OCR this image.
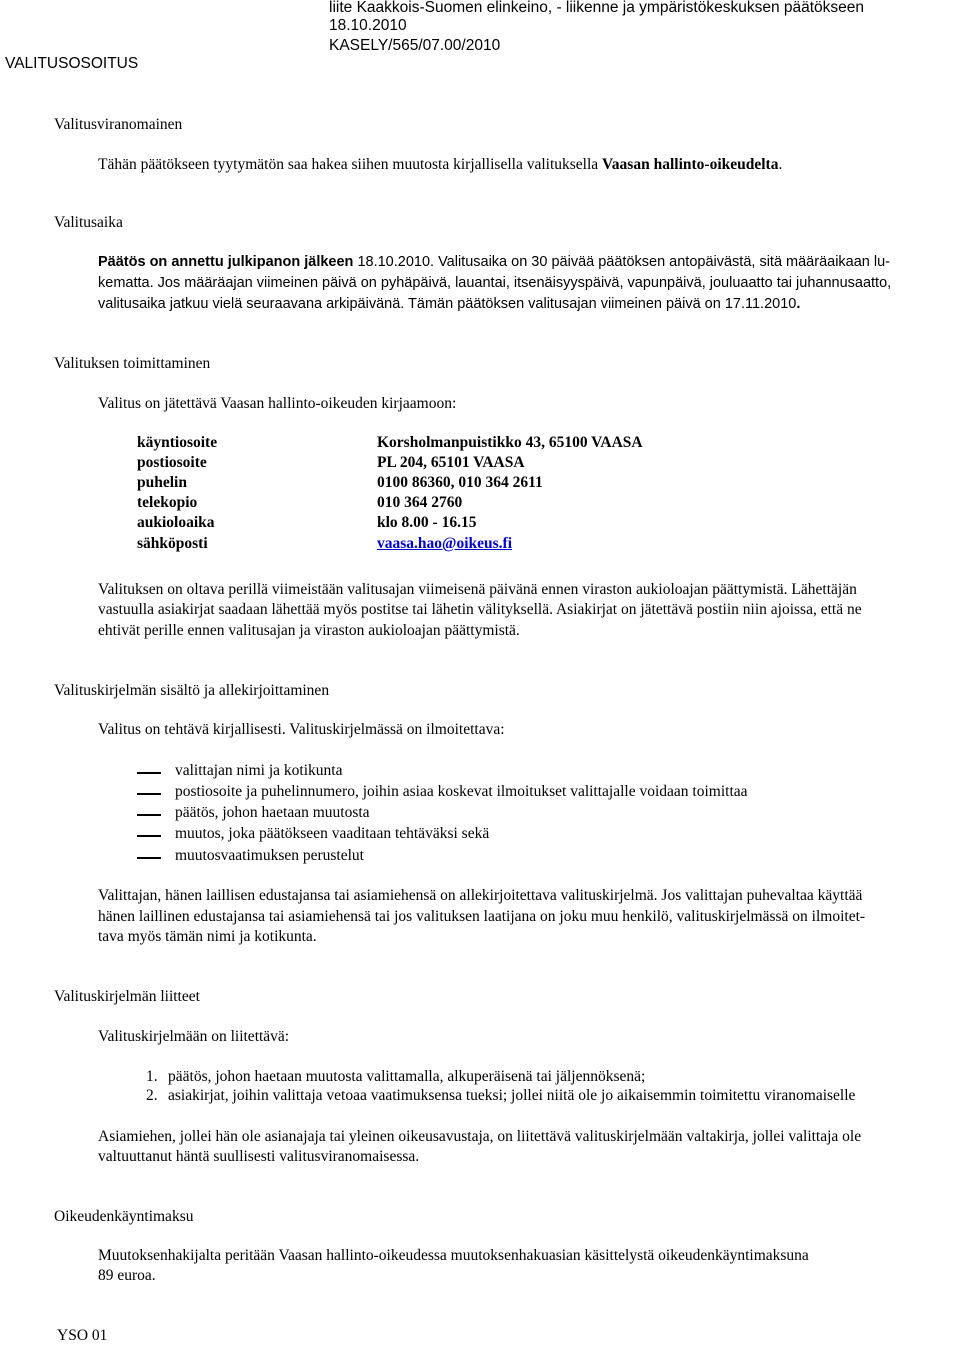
VALITUSOSOITUS
liite Kaakkois-Suomen elinkeino, - liikenne ja ympäristökeskuksen päätökseen
18.10.2010
KASELY/565/07.00/2010
Valitusviranomainen
Tähän päätökseen tyytymätön saa hakea siihen muutosta kirjallisella valituksella Vaasan hallinto-oikeudelta.
Valitusaika
Päätös on annettu julkipanon jälkeen 18.10.2010. Valitusaika on 30 päivää päätöksen antopäivästä, sitä määräaikaan lu-
kematta. Jos määräajan viimeinen päivä on pyhäpäivä, lauantai, itsenäisyyspäivä, vapunpäivä, jouluaatto tai juhannusaatto,
valitusaika jatkuu vielä seuraavana arkipäivänä. Tämän päätöksen valitusajan viimeinen päivä on 17.11.2010.
Valituksen toimittaminen
Valitus on jätettävä Vaasan hallinto-oikeuden kirjaamoon:
käyntiosoite	Korsholmanpuistikko 43, 65100 VAASA
postiosoite	PL 204, 65101 VAASA
puhelin	0100 86360, 010 364 2611
telekopio	010 364 2760
aukioloaika	klo 8.00 - 16.15
sähköposti	vaasa.hao@oikeus.fi
Valituksen on oltava perillä viimeistään valitusajan viimeisenä päivänä ennen viraston aukioloajan päättymistä. Lähettäjän
vastuulla asiakirjat saadaan lähettää myös postitse tai lähetin välityksellä. Asiakirjat on jätettävä postiin niin ajoissa, että ne
ehtivät perille ennen valitusajan ja viraston aukioloajan päättymistä.
Valituskirjelmän sisältö ja allekirjoittaminen
Valitus on tehtävä kirjallisesti. Valituskirjelmässä on ilmoitettava:
valittajan nimi ja kotikunta
postiosoite ja puhelinnumero, joihin asiaa koskevat ilmoitukset valittajalle voidaan toimittaa
päätös, johon haetaan muutosta
muutos, joka päätökseen vaaditaan tehtäväksi sekä
muutosvaatimuksen perustelut
Valittajan, hänen laillisen edustajansa tai asiamiehensä on allekirjoitettava valituskirjelmä. Jos valittajan puhevaltaa käyttää
hänen laillinen edustajansa tai asiamiehensä tai jos valituksen laatijana on joku muu henkilö, valituskirjelmässä on ilmoitet-
tava myös tämän nimi ja kotikunta.
Valituskirjelmän liitteet
Valituskirjelmään on liitettävä:
1. päätös, johon haetaan muutosta valittamalla, alkuperäisenä tai jäljennöksenä;
2. asiakirjat, joihin valittaja vetoaa vaatimuksensa tueksi; jollei niitä ole jo aikaisemmin toimitettu viranomaiselle
Asiamiehen, jollei hän ole asianajaja tai yleinen oikeusavustaja, on liitettävä valituskirjelmään valtakirja, jollei valittaja ole
valtuuttanut häntä suullisesti valitusviranomaisessa.
Oikeudenkäyntimaksu
Muutoksenhakijalta peritään Vaasan hallinto-oikeudessa muutoksenhakuasian käsittelystä oikeudenkäyntimaksuna
89 euroa.
YSO 01
